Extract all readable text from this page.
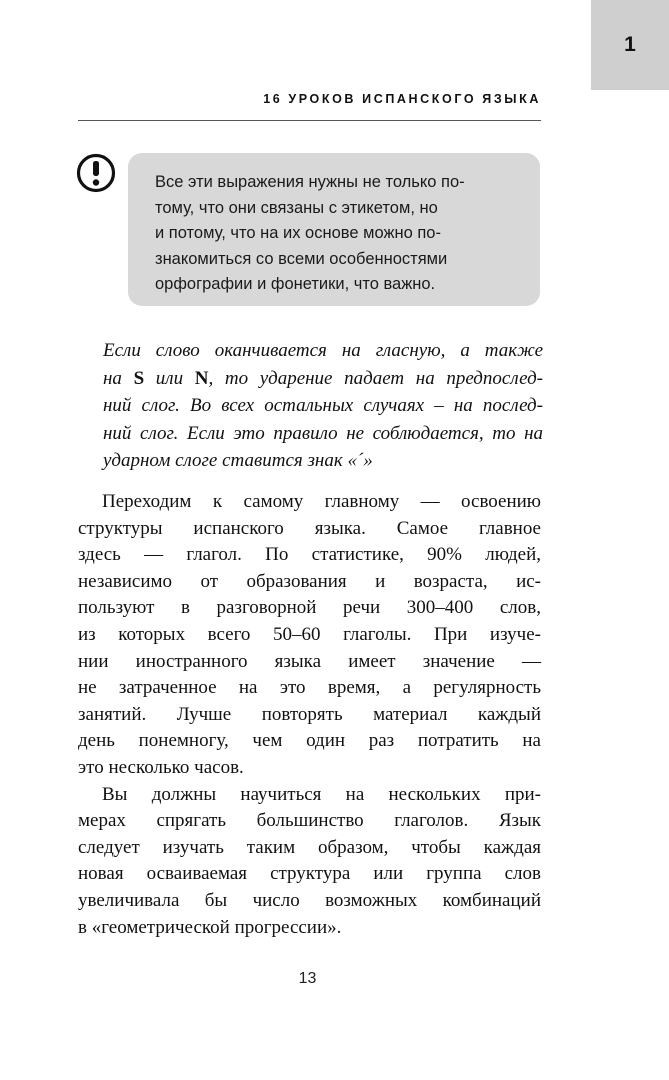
1
16 УРОКОВ ИСПАНСКОГО ЯЗЫКА
Все эти выражения нужны не только по-
тому, что они связаны с этикетом, но
и потому, что на их основе можно по-
знакомиться со всеми особенностями
орфографии и фонетики, что важно.
Если слово оканчивается на гласную, а также
на S или N, то ударение падает на предпослед-
ний слог. Во всех остальных случаях – на послед-
ний слог. Если это правило не соблюдается, то на
ударном слоге ставится знак «´»
Переходим к самому главному — освоению
структуры испанского языка. Самое главное
здесь — глагол. По статистике, 90% людей,
независимо от образования и возраста, ис-
пользуют в разговорной речи 300–400 слов,
из которых всего 50–60 глаголы. При изуче-
нии иностранного языка имеет значение —
не затраченное на это время, а регулярность
занятий. Лучше повторять материал каждый
день понемногу, чем один раз потратить на
это несколько часов.
Вы должны научиться на нескольких при-
мерах спрягать большинство глаголов. Язык
следует изучать таким образом, чтобы каждая
новая осваиваемая структура или группа слов
увеличивала бы число возможных комбинаций
в «геометрической прогрессии».
13
